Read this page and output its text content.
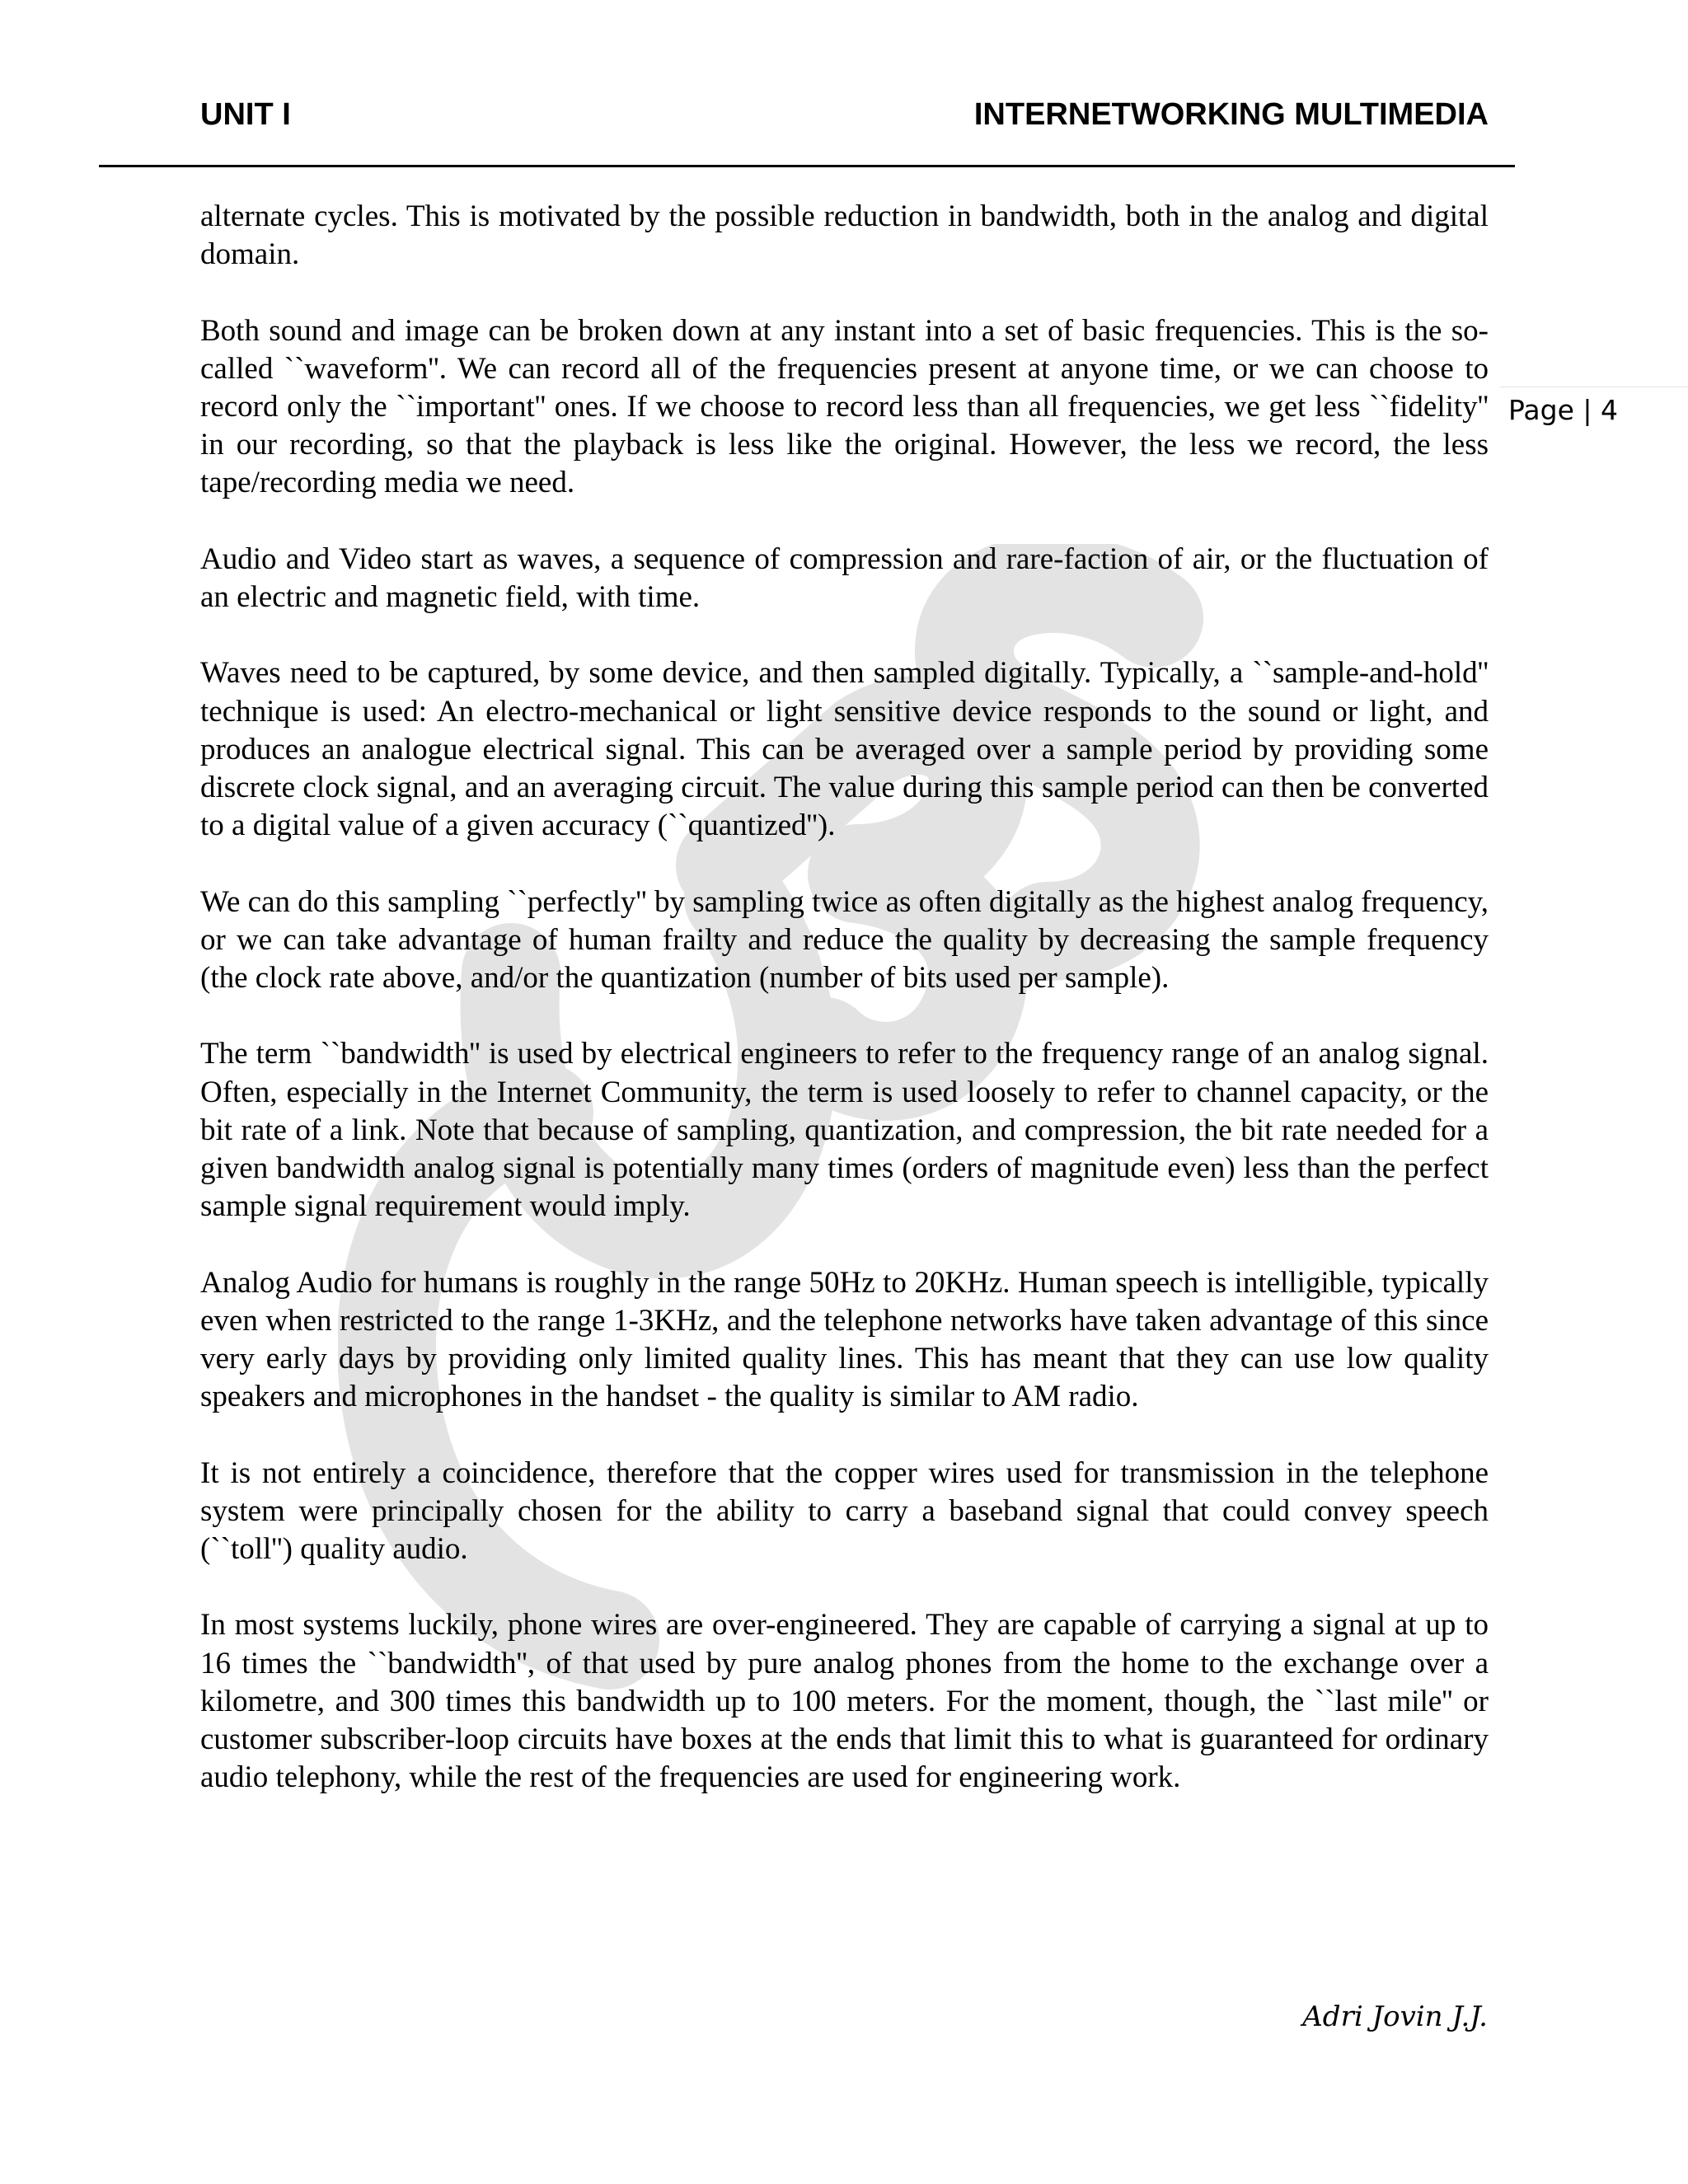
UNIT I	INTERNETWORKING MULTIMEDIA
Page | 4

alternate cycles. This is motivated by the possible reduction in bandwidth, both in the analog and digital domain.

Both sound and image can be broken down at any instant into a set of basic frequencies. This is the so-called ``waveform''. We can record all of the frequencies present at anyone time, or we can choose to record only the ``important'' ones. If we choose to record less than all frequencies, we get less ``fidelity'' in our recording, so that the playback is less like the original. However, the less we record, the less tape/recording media we need.

Audio and Video start as waves, a sequence of compression and rare-faction of air, or the fluctuation of an electric and magnetic field, with time.

Waves need to be captured, by some device, and then sampled digitally. Typically, a ``sample-and-hold'' technique is used: An electro-mechanical or light sensitive device responds to the sound or light, and produces an analogue electrical signal. This can be averaged over a sample period by providing some discrete clock signal, and an averaging circuit. The value during this sample period can then be converted to a digital value of a given accuracy (``quantized'').

We can do this sampling ``perfectly'' by sampling twice as often digitally as the highest analog frequency, or we can take advantage of human frailty and reduce the quality by decreasing the sample frequency (the clock rate above, and/or the quantization (number of bits used per sample).

The term ``bandwidth'' is used by electrical engineers to refer to the frequency range of an analog signal. Often, especially in the Internet Community, the term is used loosely to refer to channel capacity, or the bit rate of a link. Note that because of sampling, quantization, and compression, the bit rate needed for a given bandwidth analog signal is potentially many times (orders of magnitude even) less than the perfect sample signal requirement would imply.

Analog Audio for humans is roughly in the range 50Hz to 20KHz. Human speech is intelligible, typically even when restricted to the range 1-3KHz, and the telephone networks have taken advantage of this since very early days by providing only limited quality lines. This has meant that they can use low quality speakers and microphones in the handset - the quality is similar to AM radio.

It is not entirely a coincidence, therefore that the copper wires used for transmission in the telephone system were principally chosen for the ability to carry a baseband signal that could convey speech (``toll'') quality audio.

In most systems luckily, phone wires are over-engineered. They are capable of carrying a signal at up to 16 times the ``bandwidth'', of that used by pure analog phones from the home to the exchange over a kilometre, and 300 times this bandwidth up to 100 meters. For the moment, though, the ``last mile'' or customer subscriber-loop circuits have boxes at the ends that limit this to what is guaranteed for ordinary audio telephony, while the rest of the frequencies are used for engineering work.

Adri Jovin J.J.
